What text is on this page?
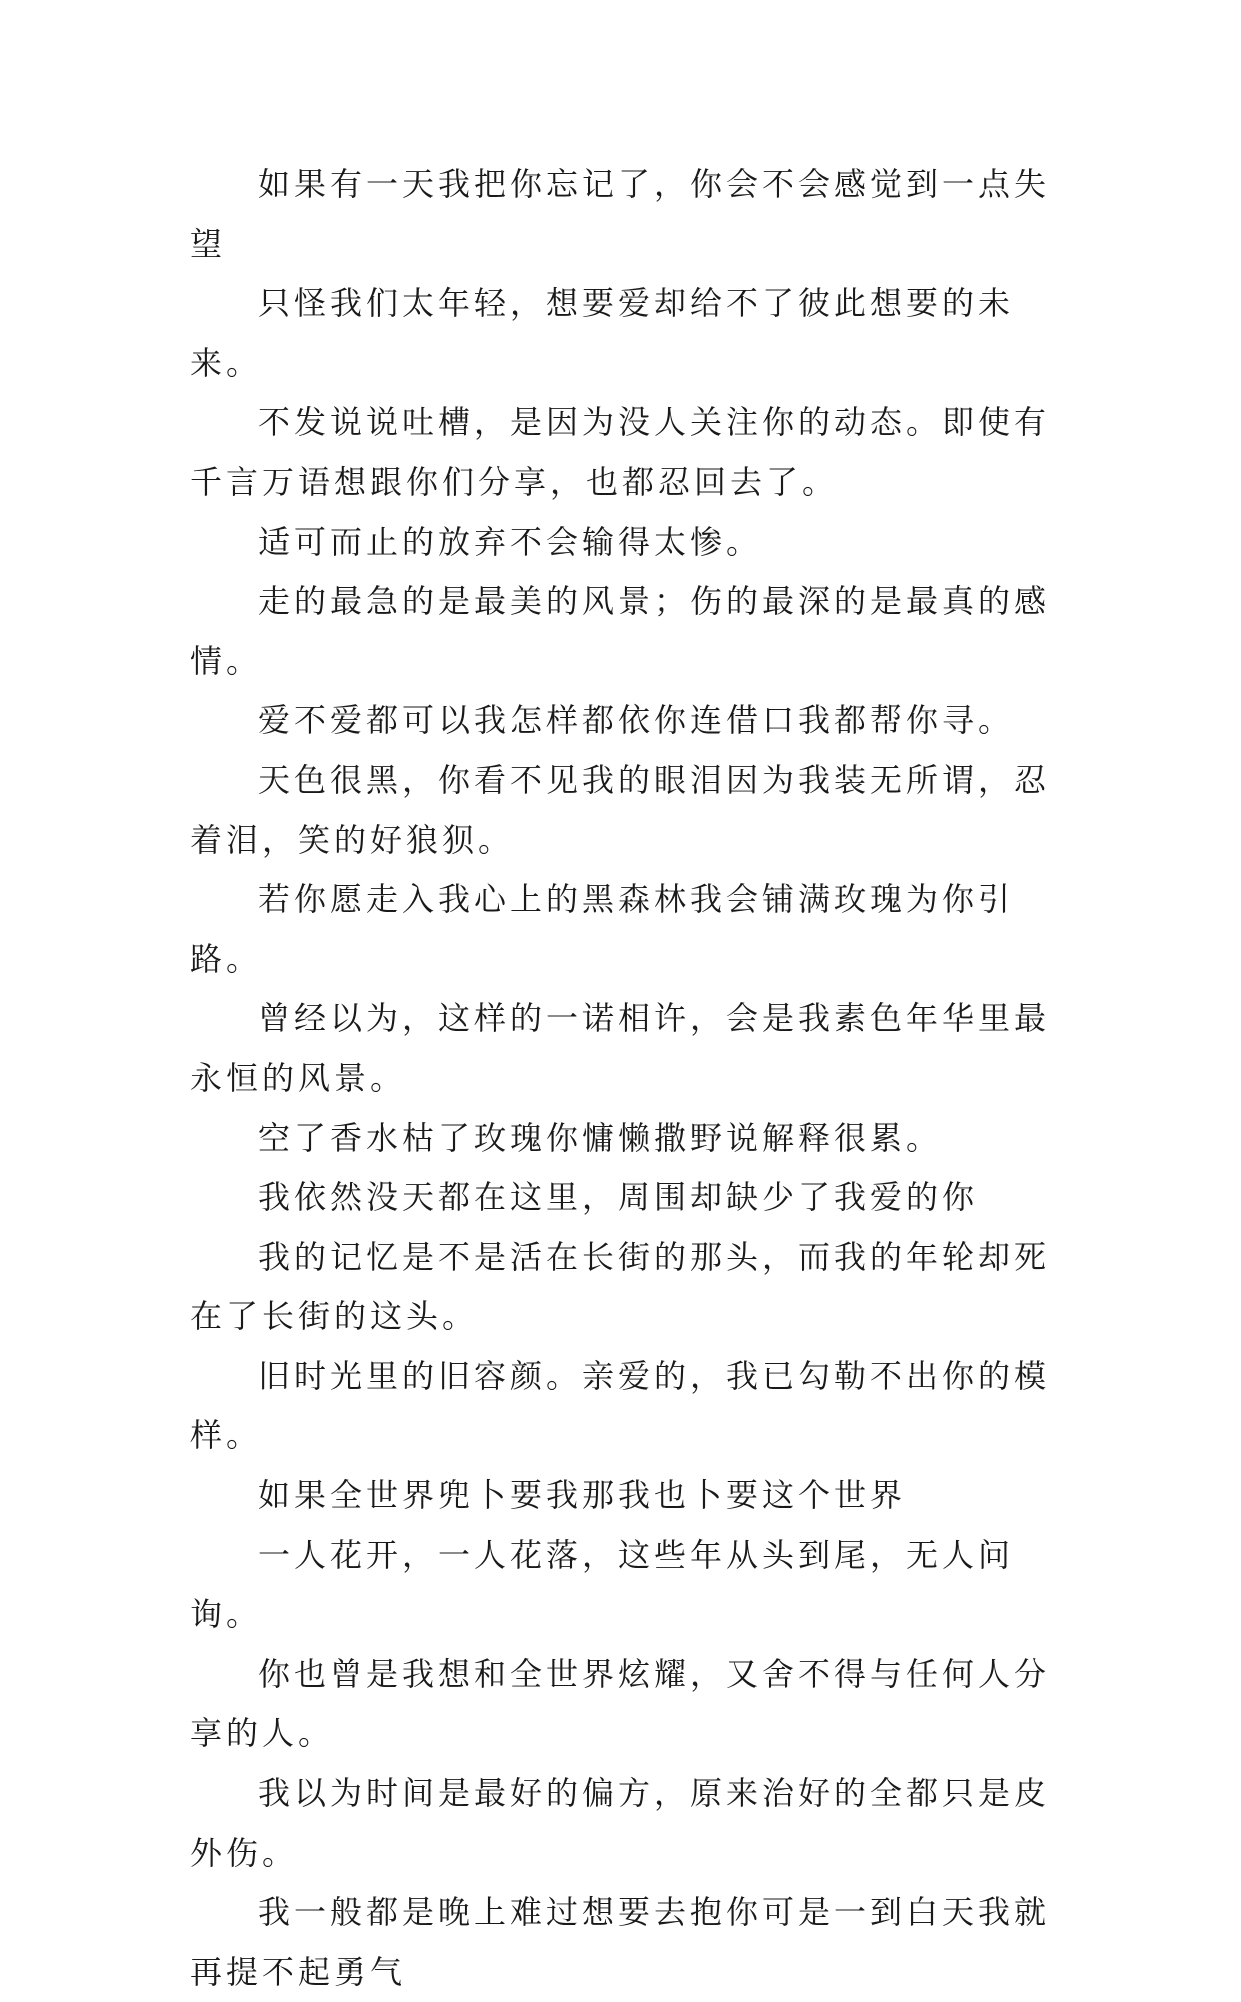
如果有一天我把你忘记了，你会不会感觉到一点失望

只怪我们太年轻，想要爱却给不了彼此想要的未来。

不发说说吐槽，是因为没人关注你的动态。即使有千言万语想跟你们分享，也都忍回去了。

适可而止的放弃不会输得太惨。

走的最急的是最美的风景；伤的最深的是最真的感情。

爱不爱都可以我怎样都依你连借口我都帮你寻。

天色很黑，你看不见我的眼泪因为我装无所谓，忍着泪，笑的好狼狈。

若你愿走入我心上的黑森林我会铺满玫瑰为你引路。

曾经以为，这样的一诺相许，会是我素色年华里最永恒的风景。

空了香水枯了玫瑰你慵懒撒野说解释很累。

我依然没天都在这里，周围却缺少了我爱的你

我的记忆是不是活在长街的那头，而我的年轮却死在了长街的这头。

旧时光里的旧容颜。亲爱的，我已勾勒不出你的模样。

如果全世界兜卜要我那我也卜要这个世界

一人花开，一人花落，这些年从头到尾，无人问询。

你也曾是我想和全世界炫耀，又舍不得与任何人分享的人。

我以为时间是最好的偏方，原来治好的全都只是皮外伤。

我一般都是晚上难过想要去抱你可是一到白天我就再提不起勇气
